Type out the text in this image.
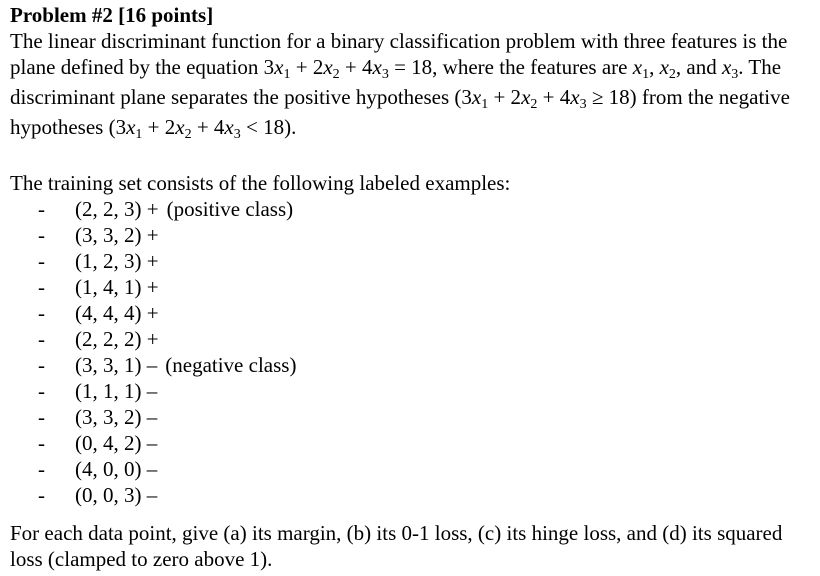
Problem #2 [16 points]

The linear discriminant function for a binary classification problem with three features is the plane defined by the equation $3x_1 + 2x_2 + 4x_3 = 18$, where the features are $x_1$, $x_2$, and $x_3$. The discriminant plane separates the positive hypotheses $(3x_1 + 2x_2 + 4x_3 \ge 18)$ from the negative hypotheses $(3x_1 + 2x_2 + 4x_3 < 18)$.

The training set consists of the following labeled examples:

-	(2, 2, 3) + (positive class)
-	(3, 3, 2) +
-	(1, 2, 3) +
-	(1, 4, 1) +
-	(4, 4, 4) +
-	(2, 2, 2) +
-	(3, 3, 1) – (negative class)
-	(1, 1, 1) –
-	(3, 3, 2) –
-	(0, 4, 2) –
-	(4, 0, 0) –
-	(0, 0, 3) –

For each data point, give (a) its margin, (b) its 0-1 loss, (c) its hinge loss, and (d) its squared loss (clamped to zero above 1).
